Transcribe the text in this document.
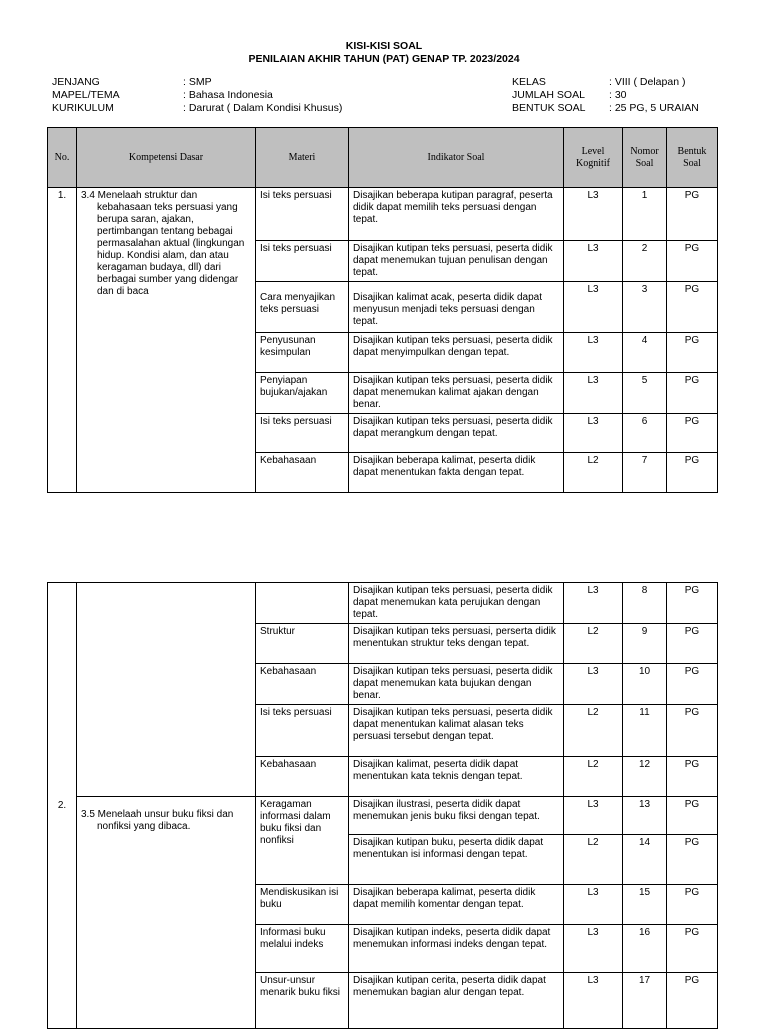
KISI-KISI SOAL
PENILAIAN AKHIR TAHUN (PAT) GENAP TP. 2023/2024
JENJANG	: SMP
MAPEL/TEMA	: Bahasa Indonesia
KURIKULUM	: Darurat ( Dalam Kondisi Khusus)
KELAS	: VIII ( Delapan )
JUMLAH SOAL : 30
BENTUK SOAL : 25 PG, 5 URAIAN
No.	Kompetensi Dasar	Materi	Indikator Soal	Level Kognitif	Nomor Soal	Bentuk Soal
1.	3.4 Menelaah struktur dan kebahasaan teks persuasi yang berupa saran, ajakan, pertimbangan tentang bebagai permasalahan aktual (lingkungan hidup. Kondisi alam, dan atau keragaman budaya, dll) dari berbagai sumber yang didengar dan di baca	Isi teks persuasi	Disajikan beberapa kutipan paragraf, peserta didik dapat memilih teks persuasi dengan tepat.	L3	1	PG
		Isi teks persuasi	Disajikan kutipan teks persuasi, peserta didik dapat menemukan tujuan penulisan dengan tepat.	L3	2	PG
		Cara menyajikan teks persuasi	Disajikan kalimat acak, peserta didik dapat menyusun menjadi teks persuasi dengan tepat.	L3	3	PG
		Penyusunan kesimpulan	Disajikan kutipan teks persuasi, peserta didik dapat menyimpulkan dengan tepat.	L3	4	PG
		Penyiapan bujukan/ajakan	Disajikan kutipan teks persuasi, peserta didik dapat menemukan kalimat ajakan dengan benar.	L3	5	PG
		Isi teks persuasi	Disajikan kutipan teks persuasi, peserta didik dapat merangkum dengan tepat.	L3	6	PG
		Kebahasaan	Disajikan beberapa kalimat, peserta didik dapat menentukan fakta dengan tepat.	L2	7	PG
2.			Disajikan kutipan teks persuasi, peserta didik dapat menemukan kata perujukan dengan tepat.	L3	8	PG
		Struktur	Disajikan kutipan teks persuasi, perserta didik menentukan struktur teks dengan tepat.	L2	9	PG
		Kebahasaan	Disajikan kutipan teks persuasi, peserta didik dapat menemukan kata bujukan dengan benar.	L3	10	PG
		Isi teks persuasi	Disajikan kutipan teks persuasi, peserta didik dapat menentukan kalimat alasan teks persuasi tersebut dengan tepat.	L2	11	PG
		Kebahasaan	Disajikan kalimat, peserta didik dapat menentukan kata teknis dengan tepat.	L2	12	PG
	3.5 Menelaah unsur buku fiksi dan nonfiksi yang dibaca.	Keragaman informasi dalam buku fiksi dan nonfiksi	Disajikan ilustrasi, peserta didik dapat menemukan jenis buku fiksi dengan tepat.	L3	13	PG
			Disajikan kutipan buku, peserta didik dapat menentukan isi informasi dengan tepat.	L2	14	PG
		Mendiskusikan isi buku	Disajikan beberapa kalimat, peserta didik dapat memilih komentar dengan tepat.	L3	15	PG
		Informasi buku melalui indeks	Disajikan kutipan indeks, peserta didik dapat menemukan informasi indeks dengan tepat.	L3	16	PG
		Unsur-unsur menarik buku fiksi	Disajikan kutipan cerita, peserta didik dapat menemukan bagian alur dengan tepat.	L3	17	PG
